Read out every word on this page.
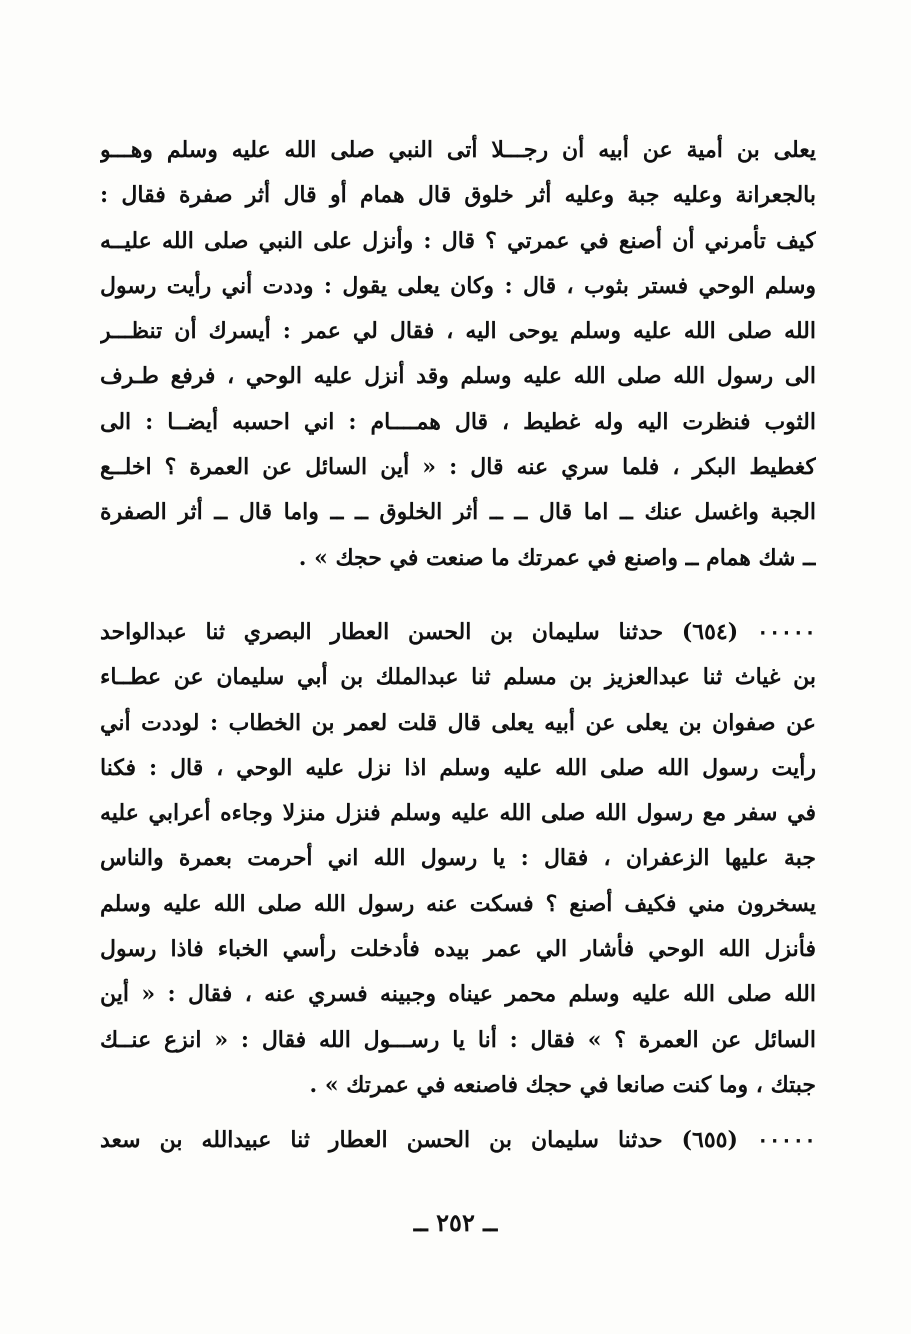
يعلى بن أمية عن أبيه أن رجـــلا أتى النبي صلى الله عليه وسلم وهـــو
بالجعرانة وعليه جبة وعليه أثر خلوق قال همام أو قال أثر صفرة فقال :
كيف تأمرني أن أصنع في عمرتي ؟ قال : وأنزل على النبي صلى الله عليــه
وسلم الوحي فستر بثوب ، قال : وكان يعلى يقول : وددت أني رأيت رسول
الله صلى الله عليه وسلم يوحى اليه ، فقال لي عمر : أيسرك أن تنظـــر
الى رسول الله صلى الله عليه وسلم وقد أنزل عليه الوحي ، فرفع طـرف
الثوب فنظرت اليه وله غطيط ، قال همــــام : اني احسبه أيضــا : الى
كغطيط البكر ، فلما سري عنه قال : « أين السائل عن العمرة ؟ اخلــع
الجبة واغسل عنك ــ اما قال ــ ــ أثر الخلوق ــ ــ واما قال ــ أثر الصفرة
ــ شك همام ــ واصنع في عمرتك ما صنعت في حجك » .
٠٠٠٠٠ (٦٥٤) حدثنا سليمان بن الحسن العطار البصري ثنا عبدالواحد
بن غياث ثنا عبدالعزيز بن مسلم ثنا عبدالملك بن أبي سليمان عن عطــاء
عن صفوان بن يعلى عن أبيه يعلى قال قلت لعمر بن الخطاب : لوددت أني
رأيت رسول الله صلى الله عليه وسلم اذا نزل عليه الوحي ، قال : فكنا
في سفر مع رسول الله صلى الله عليه وسلم فنزل منزلا وجاءه أعرابي عليه
جبة عليها الزعفران ، فقال : يا رسول الله اني أحرمت بعمرة والناس
يسخرون مني فكيف أصنع ؟ فسكت عنه رسول الله صلى الله عليه وسلم
فأنزل الله الوحي فأشار الي عمر بيده فأدخلت رأسي الخباء فاذا رسول
الله صلى الله عليه وسلم محمر عيناه وجبينه فسري عنه ، فقال : « أين
السائل عن العمرة ؟ » فقال : أنا يا رســـول الله فقال : « انزع عنــك
جبتك ، وما كنت صانعا في حجك فاصنعه في عمرتك » .
٠٠٠٠٠ (٦٥٥) حدثنا سليمان بن الحسن العطار ثنا عبيدالله بن سعد
ــ ٢٥٢ ــ
